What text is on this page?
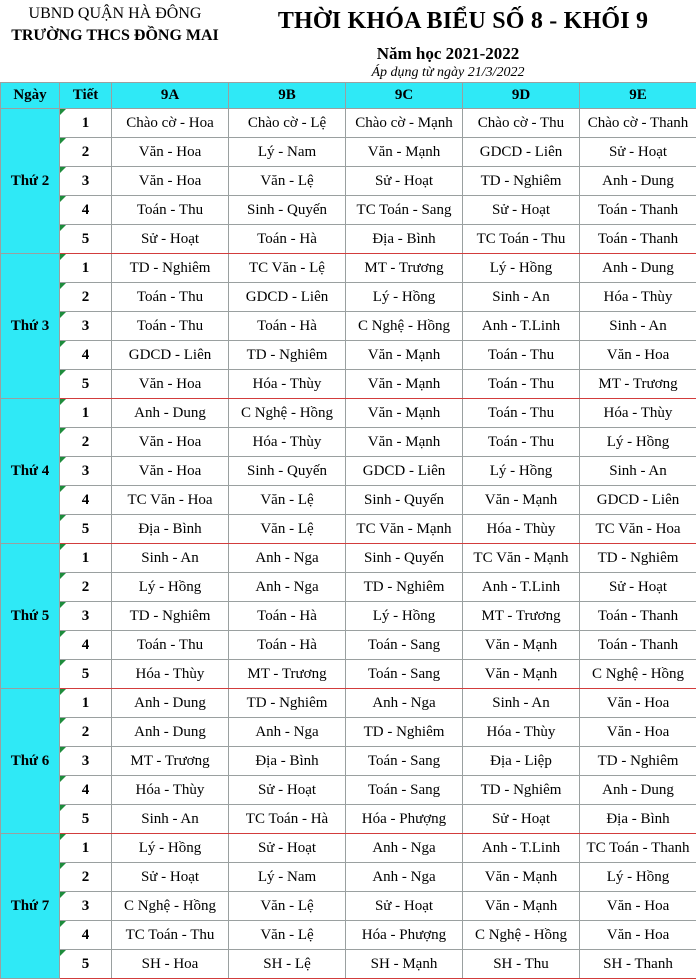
UBND QUẬN HÀ ĐÔNG
TRƯỜNG THCS ĐỒNG MAI
THỜI KHÓA BIỂU SỐ 8 - KHỐI 9
Năm học 2021-2022
Áp dụng từ ngày 21/3/2022
Ngày	Tiết	9A	9B	9C	9D	9E
Thứ 2	1	Chào cờ - Hoa	Chào cờ - Lệ	Chào cờ - Mạnh	Chào cờ - Thu	Chào cờ - Thanh
	2	Văn - Hoa	Lý - Nam	Văn - Mạnh	GDCD - Liên	Sử - Hoạt
	3	Văn - Hoa	Văn - Lệ	Sử - Hoạt	TD - Nghiêm	Anh - Dung
	4	Toán - Thu	Sinh - Quyến	TC Toán - Sang	Sử - Hoạt	Toán - Thanh
	5	Sử - Hoạt	Toán - Hà	Địa - Bình	TC Toán - Thu	Toán - Thanh
Thứ 3	1	TD - Nghiêm	TC Văn - Lệ	MT - Trương	Lý - Hồng	Anh - Dung
	2	Toán - Thu	GDCD - Liên	Lý - Hồng	Sinh - An	Hóa - Thùy
	3	Toán - Thu	Toán - Hà	C Nghệ - Hồng	Anh - T.Linh	Sinh - An
	4	GDCD - Liên	TD - Nghiêm	Văn - Mạnh	Toán - Thu	Văn - Hoa
	5	Văn - Hoa	Hóa - Thùy	Văn - Mạnh	Toán - Thu	MT - Trương
Thứ 4	1	Anh - Dung	C Nghệ - Hồng	Văn - Mạnh	Toán - Thu	Hóa - Thùy
	2	Văn - Hoa	Hóa - Thùy	Văn - Mạnh	Toán - Thu	Lý - Hồng
	3	Văn - Hoa	Sinh - Quyến	GDCD - Liên	Lý - Hồng	Sinh - An
	4	TC Văn - Hoa	Văn - Lệ	Sinh - Quyến	Văn - Mạnh	GDCD - Liên
	5	Địa - Bình	Văn - Lệ	TC Văn - Mạnh	Hóa - Thùy	TC Văn - Hoa
Thứ 5	1	Sinh - An	Anh - Nga	Sinh - Quyến	TC Văn - Mạnh	TD - Nghiêm
	2	Lý - Hồng	Anh - Nga	TD - Nghiêm	Anh - T.Linh	Sử - Hoạt
	3	TD - Nghiêm	Toán - Hà	Lý - Hồng	MT - Trương	Toán - Thanh
	4	Toán - Thu	Toán - Hà	Toán - Sang	Văn - Mạnh	Toán - Thanh
	5	Hóa - Thùy	MT - Trương	Toán - Sang	Văn - Mạnh	C Nghệ - Hồng
Thứ 6	1	Anh - Dung	TD - Nghiêm	Anh - Nga	Sinh - An	Văn - Hoa
	2	Anh - Dung	Anh - Nga	TD - Nghiêm	Hóa - Thùy	Văn - Hoa
	3	MT - Trương	Địa - Bình	Toán - Sang	Địa - Liệp	TD - Nghiêm
	4	Hóa - Thùy	Sử - Hoạt	Toán - Sang	TD - Nghiêm	Anh - Dung
	5	Sinh - An	TC Toán - Hà	Hóa - Phượng	Sử - Hoạt	Địa - Bình
Thứ 7	1	Lý - Hồng	Sử - Hoạt	Anh - Nga	Anh - T.Linh	TC Toán - Thanh
	2	Sử - Hoạt	Lý - Nam	Anh - Nga	Văn - Mạnh	Lý - Hồng
	3	C Nghệ - Hồng	Văn - Lệ	Sử - Hoạt	Văn - Mạnh	Văn - Hoa
	4	TC Toán - Thu	Văn - Lệ	Hóa - Phượng	C Nghệ - Hồng	Văn - Hoa
	5	SH - Hoa	SH - Lệ	SH - Mạnh	SH - Thu	SH - Thanh
